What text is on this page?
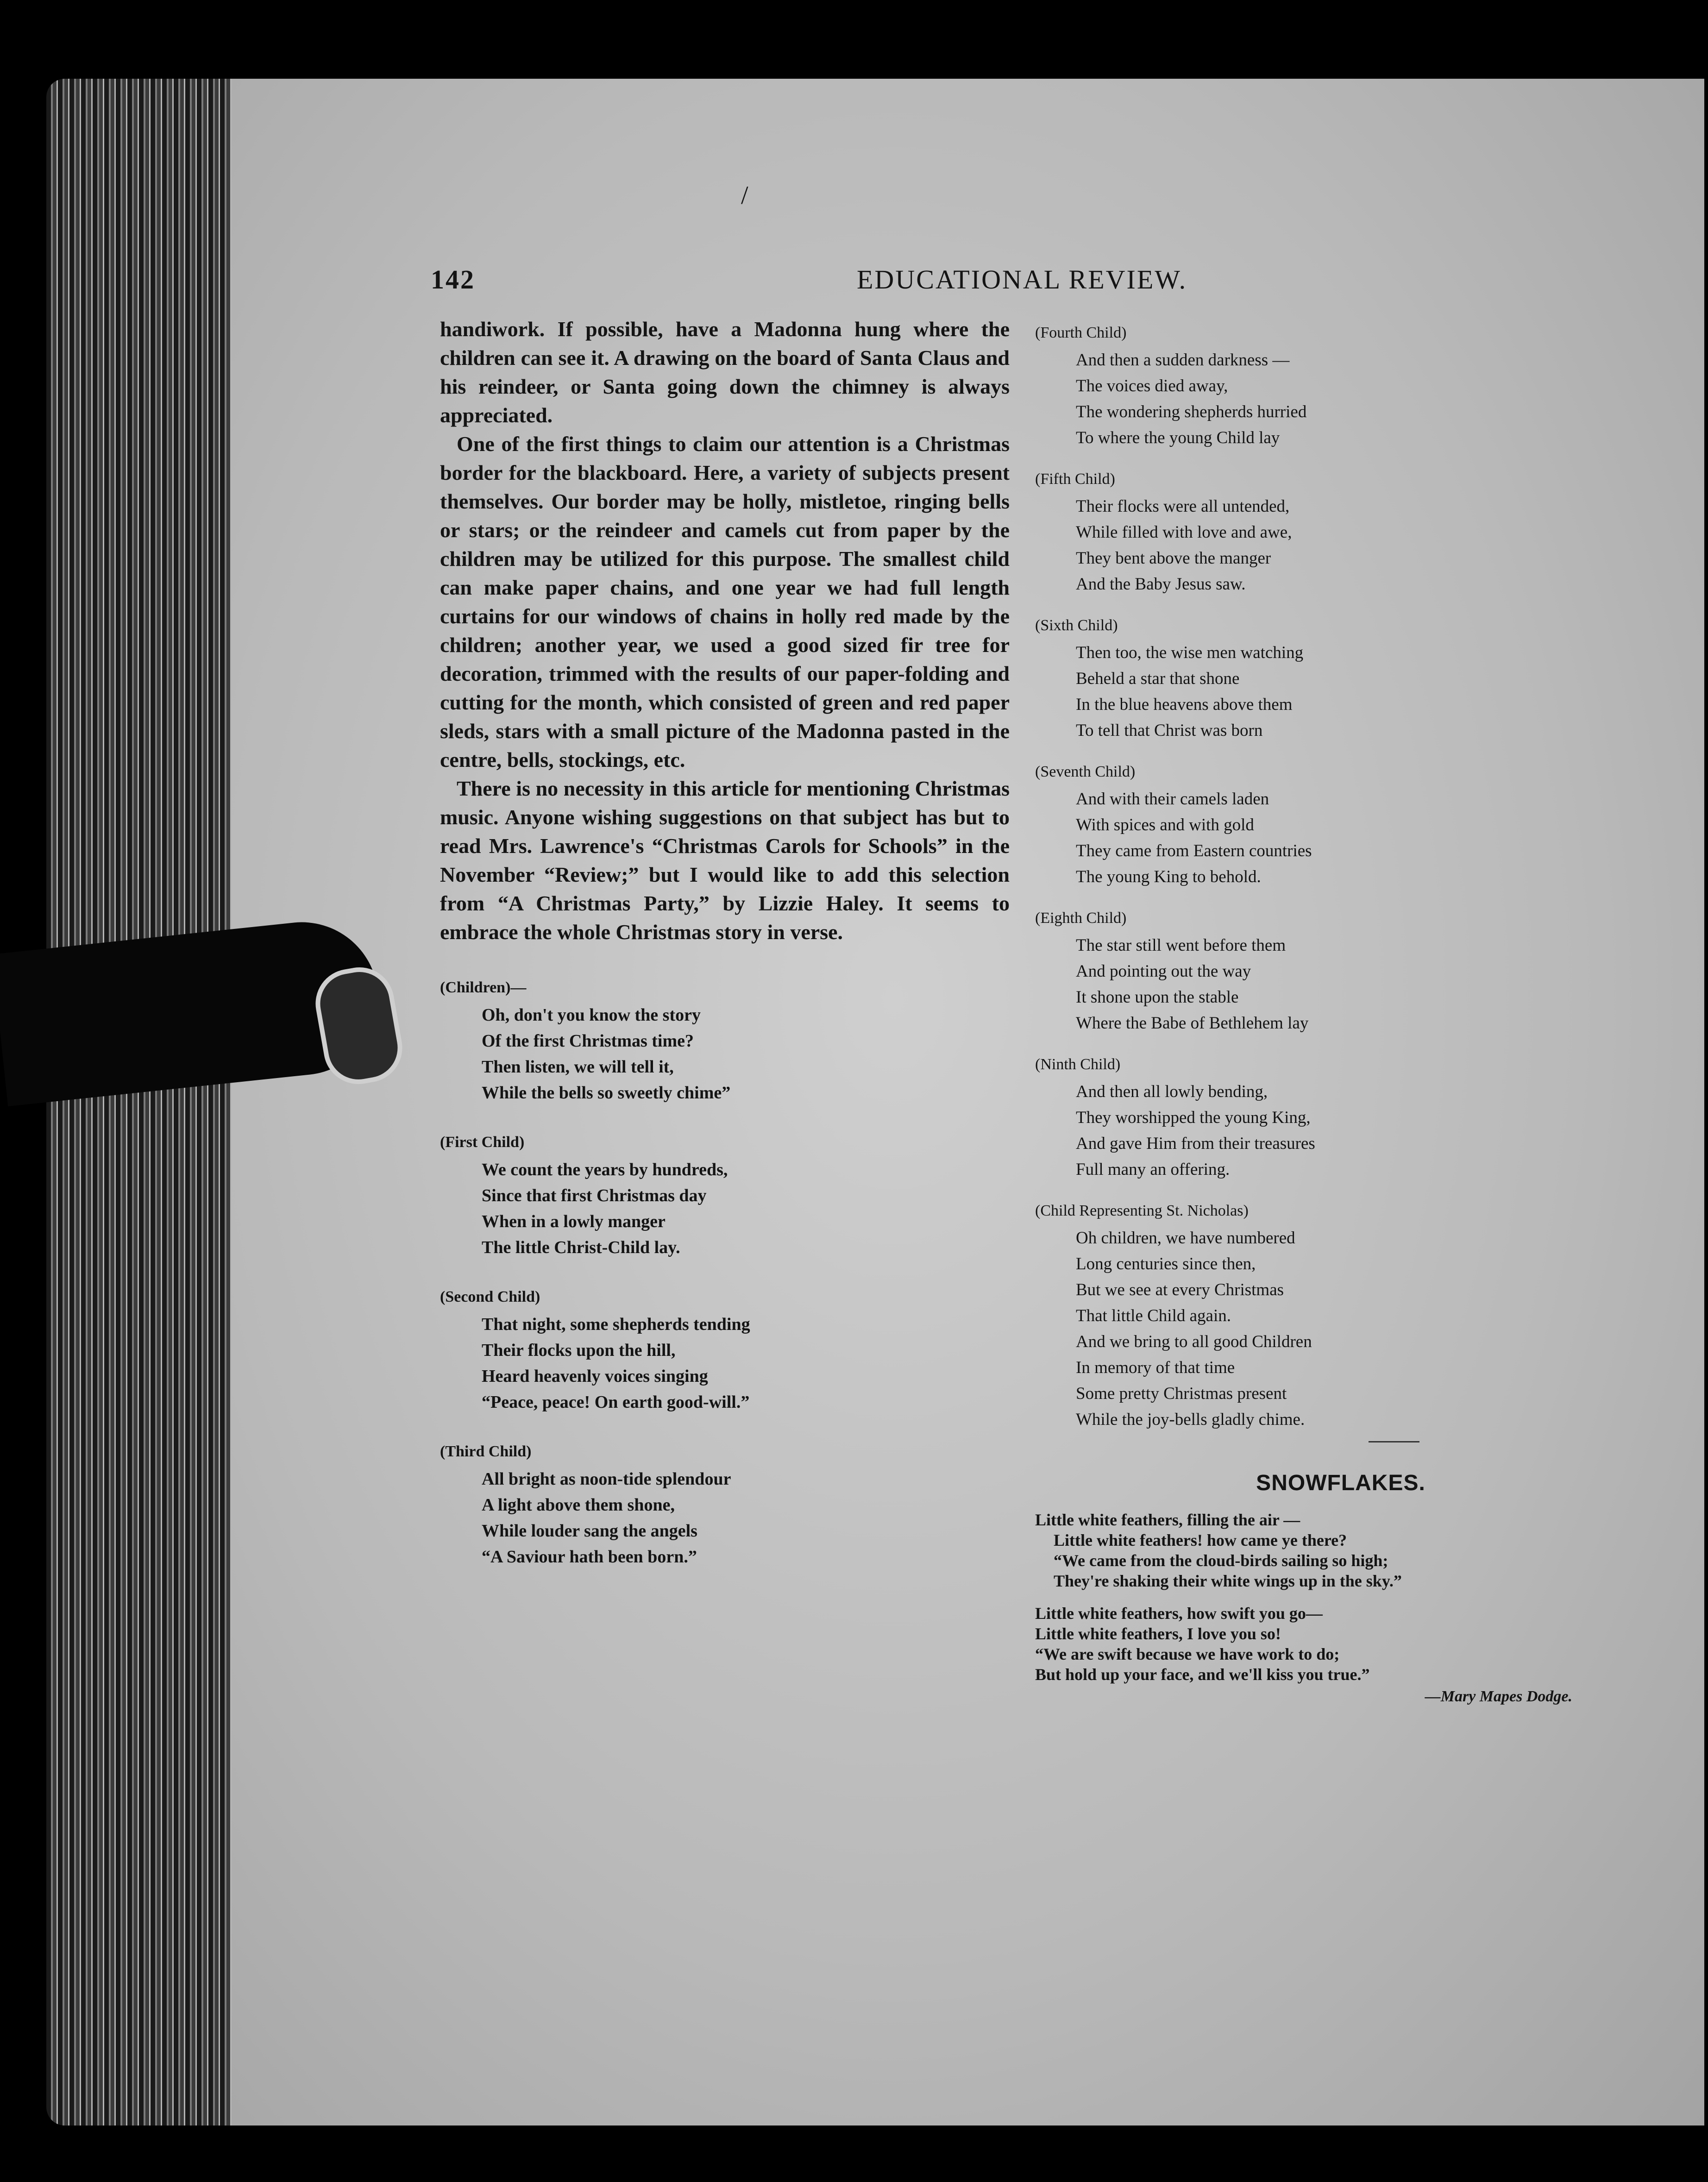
/
142	EDUCATIONAL REVIEW.

handiwork. If possible, have a Madonna hung where the children can see it. A drawing on the board of Santa Claus and his reindeer, or Santa going down the chimney is always appreciated.

One of the first things to claim our attention is a Christmas border for the blackboard. Here, a variety of subjects present themselves. Our border may be holly, mistletoe, ringing bells or stars; or the reindeer and camels cut from paper by the children may be utilized for this purpose. The smallest child can make paper chains, and one year we had full length curtains for our windows of chains in holly red made by the children; another year, we used a good sized fir tree for decoration, trimmed with the results of our paper-folding and cutting for the month, which consisted of green and red paper sleds, stars with a small picture of the Madonna pasted in the centre, bells, stockings, etc.

There is no necessity in this article for mentioning Christmas music. Anyone wishing suggestions on that subject has but to read Mrs. Lawrence's “Christmas Carols for Schools” in the November “Review;” but I would like to add this selection from “A Christmas Party,” by Lizzie Haley. It seems to embrace the whole Christmas story in verse.

(Children)—

Oh, don't you know the story
Of the first Christmas time?
Then listen, we will tell it,
While the bells so sweetly chime”

(First Child)

We count the years by hundreds,
Since that first Christmas day
When in a lowly manger
The little Christ-Child lay.

(Second Child)

That night, some shepherds tending
Their flocks upon the hill,
Heard heavenly voices singing
“Peace, peace! On earth good-will.”

(Third Child)

All bright as noon-tide splendour
A light above them shone,
While louder sang the angels
“A Saviour hath been born.”

(Fourth Child)

And then a sudden darkness —
The voices died away,
The wondering shepherds hurried
To where the young Child lay

(Fifth Child)

Their flocks were all untended,
While filled with love and awe,
They bent above the manger
And the Baby Jesus saw.

(Sixth Child)

Then too, the wise men watching
Beheld a star that shone
In the blue heavens above them
To tell that Christ was born

(Seventh Child)

And with their camels laden
With spices and with gold
They came from Eastern countries
The young King to behold.

(Eighth Child)

The star still went before them
And pointing out the way
It shone upon the stable
Where the Babe of Bethlehem lay

(Ninth Child)

And then all lowly bending,
They worshipped the young King,
And gave Him from their treasures
Full many an offering.

(Child Representing St. Nicholas)

Oh children, we have numbered
Long centuries since then,
But we see at every Christmas
That little Child again.
And we bring to all good Children
In memory of that time
Some pretty Christmas present
While the joy-bells gladly chime.
SNOWFLAKES.
Little white feathers, filling the air —
Little white feathers! how came ye there?
“We came from the cloud-birds sailing so high;
They're shaking their white wings up in the sky.”
Little white feathers, how swift you go—
Little white feathers, I love you so!
“We are swift because we have work to do;
But hold up your face, and we'll kiss you true.”
—Mary Mapes Dodge.
